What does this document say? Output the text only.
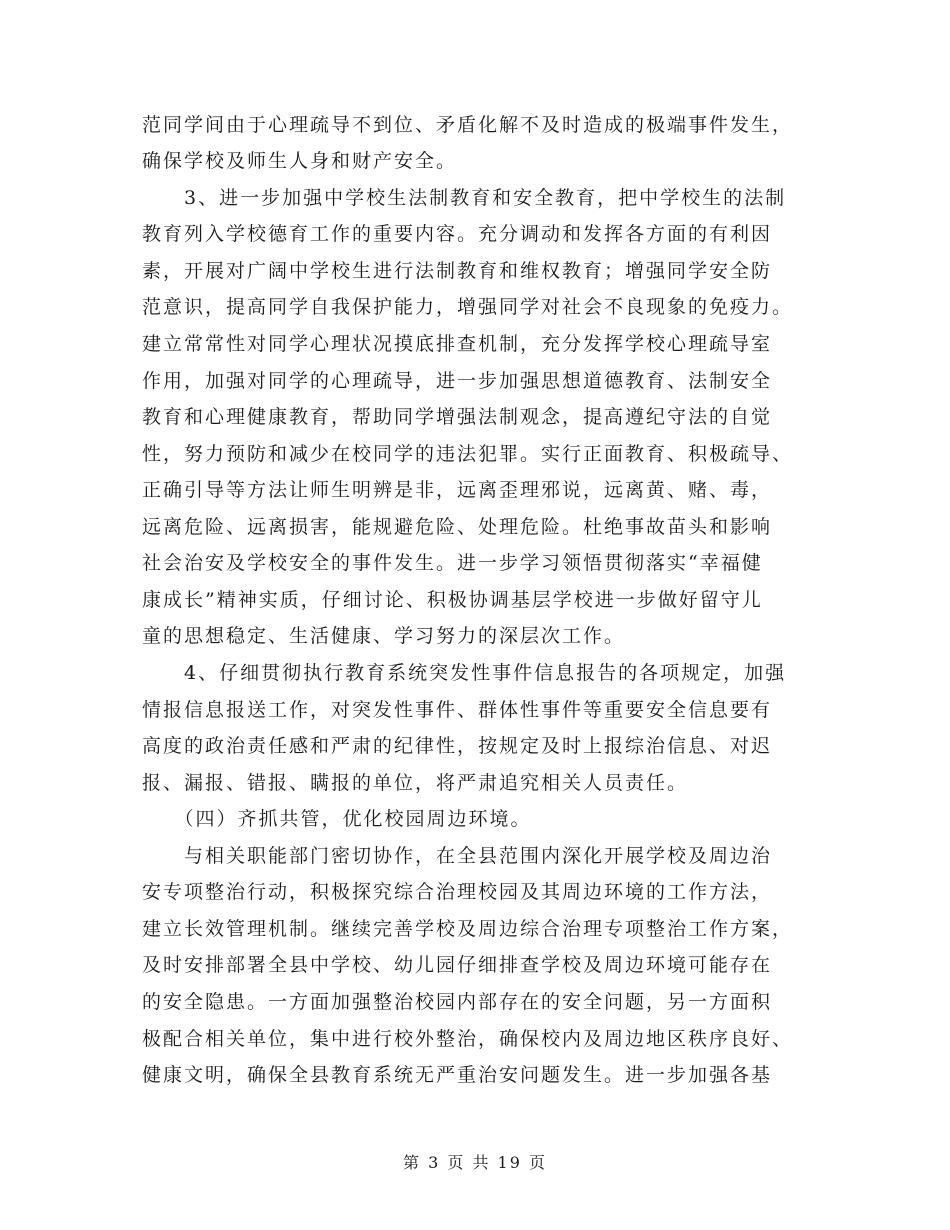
范同学间由于心理疏导不到位、矛盾化解不及时造成的极端事件发生，
确保学校及师生人身和财产安全。
　　3、进一步加强中学校生法制教育和安全教育，把中学校生的法制
教育列入学校德育工作的重要内容。充分调动和发挥各方面的有利因
素，开展对广阔中学校生进行法制教育和维权教育；增强同学安全防
范意识，提高同学自我保护能力，增强同学对社会不良现象的免疫力。
建立常常性对同学心理状况摸底排查机制，充分发挥学校心理疏导室
作用，加强对同学的心理疏导，进一步加强思想道德教育、法制安全
教育和心理健康教育，帮助同学增强法制观念，提高遵纪守法的自觉
性，努力预防和减少在校同学的违法犯罪。实行正面教育、积极疏导、
正确引导等方法让师生明辨是非，远离歪理邪说，远离黄、赌、毒，
远离危险、远离损害，能规避危险、处理危险。杜绝事故苗头和影响
社会治安及学校安全的事件发生。进一步学习领悟贯彻落实“幸福健
康成长”精神实质，仔细讨论、积极协调基层学校进一步做好留守儿
童的思想稳定、生活健康、学习努力的深层次工作。
　　4、仔细贯彻执行教育系统突发性事件信息报告的各项规定，加强
情报信息报送工作，对突发性事件、群体性事件等重要安全信息要有
高度的政治责任感和严肃的纪律性，按规定及时上报综治信息、对迟
报、漏报、错报、瞒报的单位，将严肃追究相关人员责任。
　　（四）齐抓共管，优化校园周边环境。
　　与相关职能部门密切协作，在全县范围内深化开展学校及周边治
安专项整治行动，积极探究综合治理校园及其周边环境的工作方法，
建立长效管理机制。继续完善学校及周边综合治理专项整治工作方案，
及时安排部署全县中学校、幼儿园仔细排查学校及周边环境可能存在
的安全隐患。一方面加强整治校园内部存在的安全问题，另一方面积
极配合相关单位，集中进行校外整治，确保校内及周边地区秩序良好、
健康文明，确保全县教育系统无严重治安问题发生。进一步加强各基
第 3 页 共 19 页
